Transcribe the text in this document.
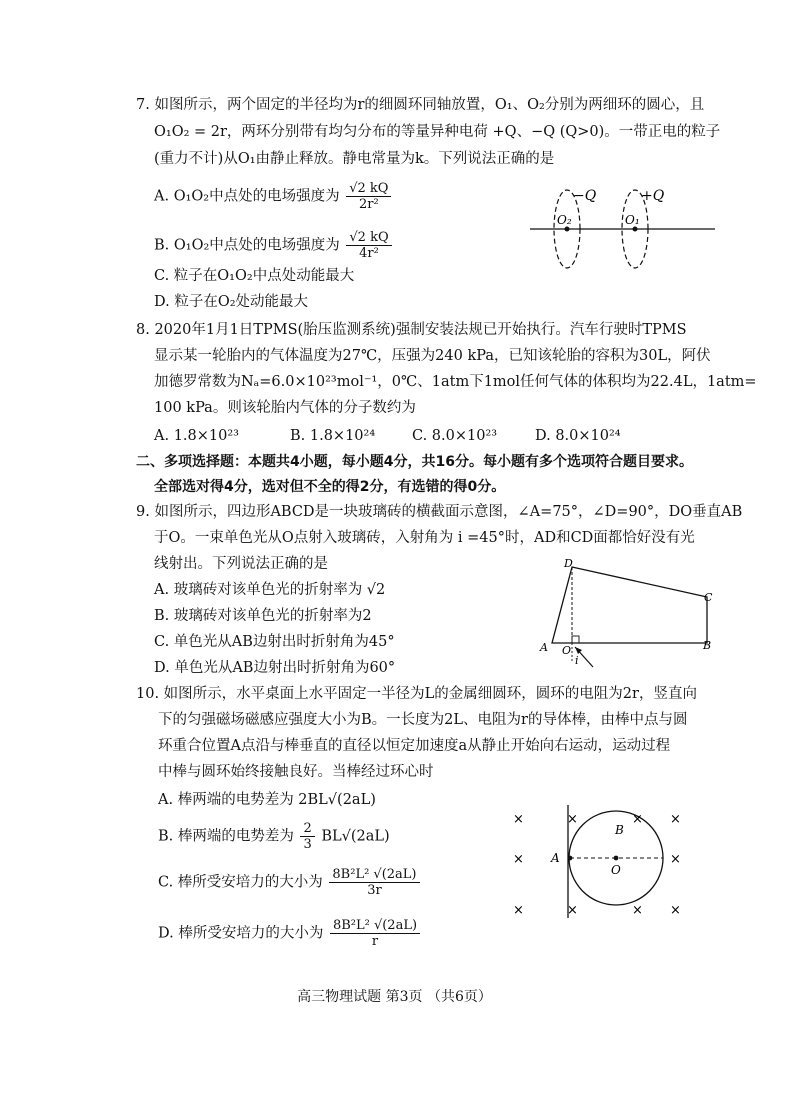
7. 如图所示，两个固定的半径均为r的细圆环同轴放置，O₁、O₂分别为两细环的圆心，且
O₁O₂ = 2r，两环分别带有均匀分布的等量异种电荷 +Q、−Q (Q>0)。一带正电的粒子
(重力不计)从O₁由静止释放。静电常量为k。下列说法正确的是
A. O₁O₂中点处的电场强度为 $\frac{√2 kQ}{\text{2r²}}$
B. O₁O₂中点处的电场强度为 $\frac{√2 kQ}{\text{4r²}}$
C. 粒子在O₁O₂中点处动能最大
D. 粒子在O₂处动能最大
−Q	+Q
O₂	O₁
8. 2020年1月1日TPMS(胎压监测系统)强制安装法规已开始执行。汽车行驶时TPMS
显示某一轮胎内的气体温度为27℃，压强为240 kPa，已知该轮胎的容积为30L，阿伏
加德罗常数为Nₐ=6.0×10²³mol⁻¹，0℃、1atm下1mol任何气体的体积均为22.4L，1atm=
100 kPa。则该轮胎内气体的分子数约为
A. 1.8×10²³	B. 1.8×10²⁴	C. 8.0×10²³	D. 8.0×10²⁴
二、多项选择题：本题共4小题，每小题4分，共16分。每小题有多个选项符合题目要求。
全部选对得4分，选对但不全的得2分，有选错的得0分。
9. 如图所示，四边形ABCD是一块玻璃砖的横截面示意图，∠A=75°，∠D=90°，DO垂直AB
于O。一束单色光从O点射入玻璃砖，入射角为 i =45°时，AD和CD面都恰好没有光
线射出。下列说法正确的是
A. 玻璃砖对该单色光的折射率为 √2
B. 玻璃砖对该单色光的折射率为2
C. 单色光从AB边射出时折射角为45°
D. 单色光从AB边射出时折射角为60°
D
C
A O	B
i
10. 如图所示，水平桌面上水平固定一半径为L的金属细圆环，圆环的电阻为2r，竖直向
下的匀强磁场磁感应强度大小为B。一长度为2L、电阻为r的导体棒，由棒中点与圆
环重合位置A点沿与棒垂直的直径以恒定加速度a从静止开始向右运动，运动过程
中棒与圆环始终接触良好。当棒经过环心时
A. 棒两端的电势差为 2BL√(2aL)
B. 棒两端的电势差为 $\frac{2}{3} BL√(2aL)$
C. 棒所受安培力的大小为 $\frac{\text{8B²L² √(2aL)}}{3r}$
D. 棒所受安培力的大小为 $\frac{\text{8B²L² √(2aL)}}{r}$
A
O
B
×	×	× ×
×	×
×	×	× ×
高三物理试题 第3页 （共6页）
